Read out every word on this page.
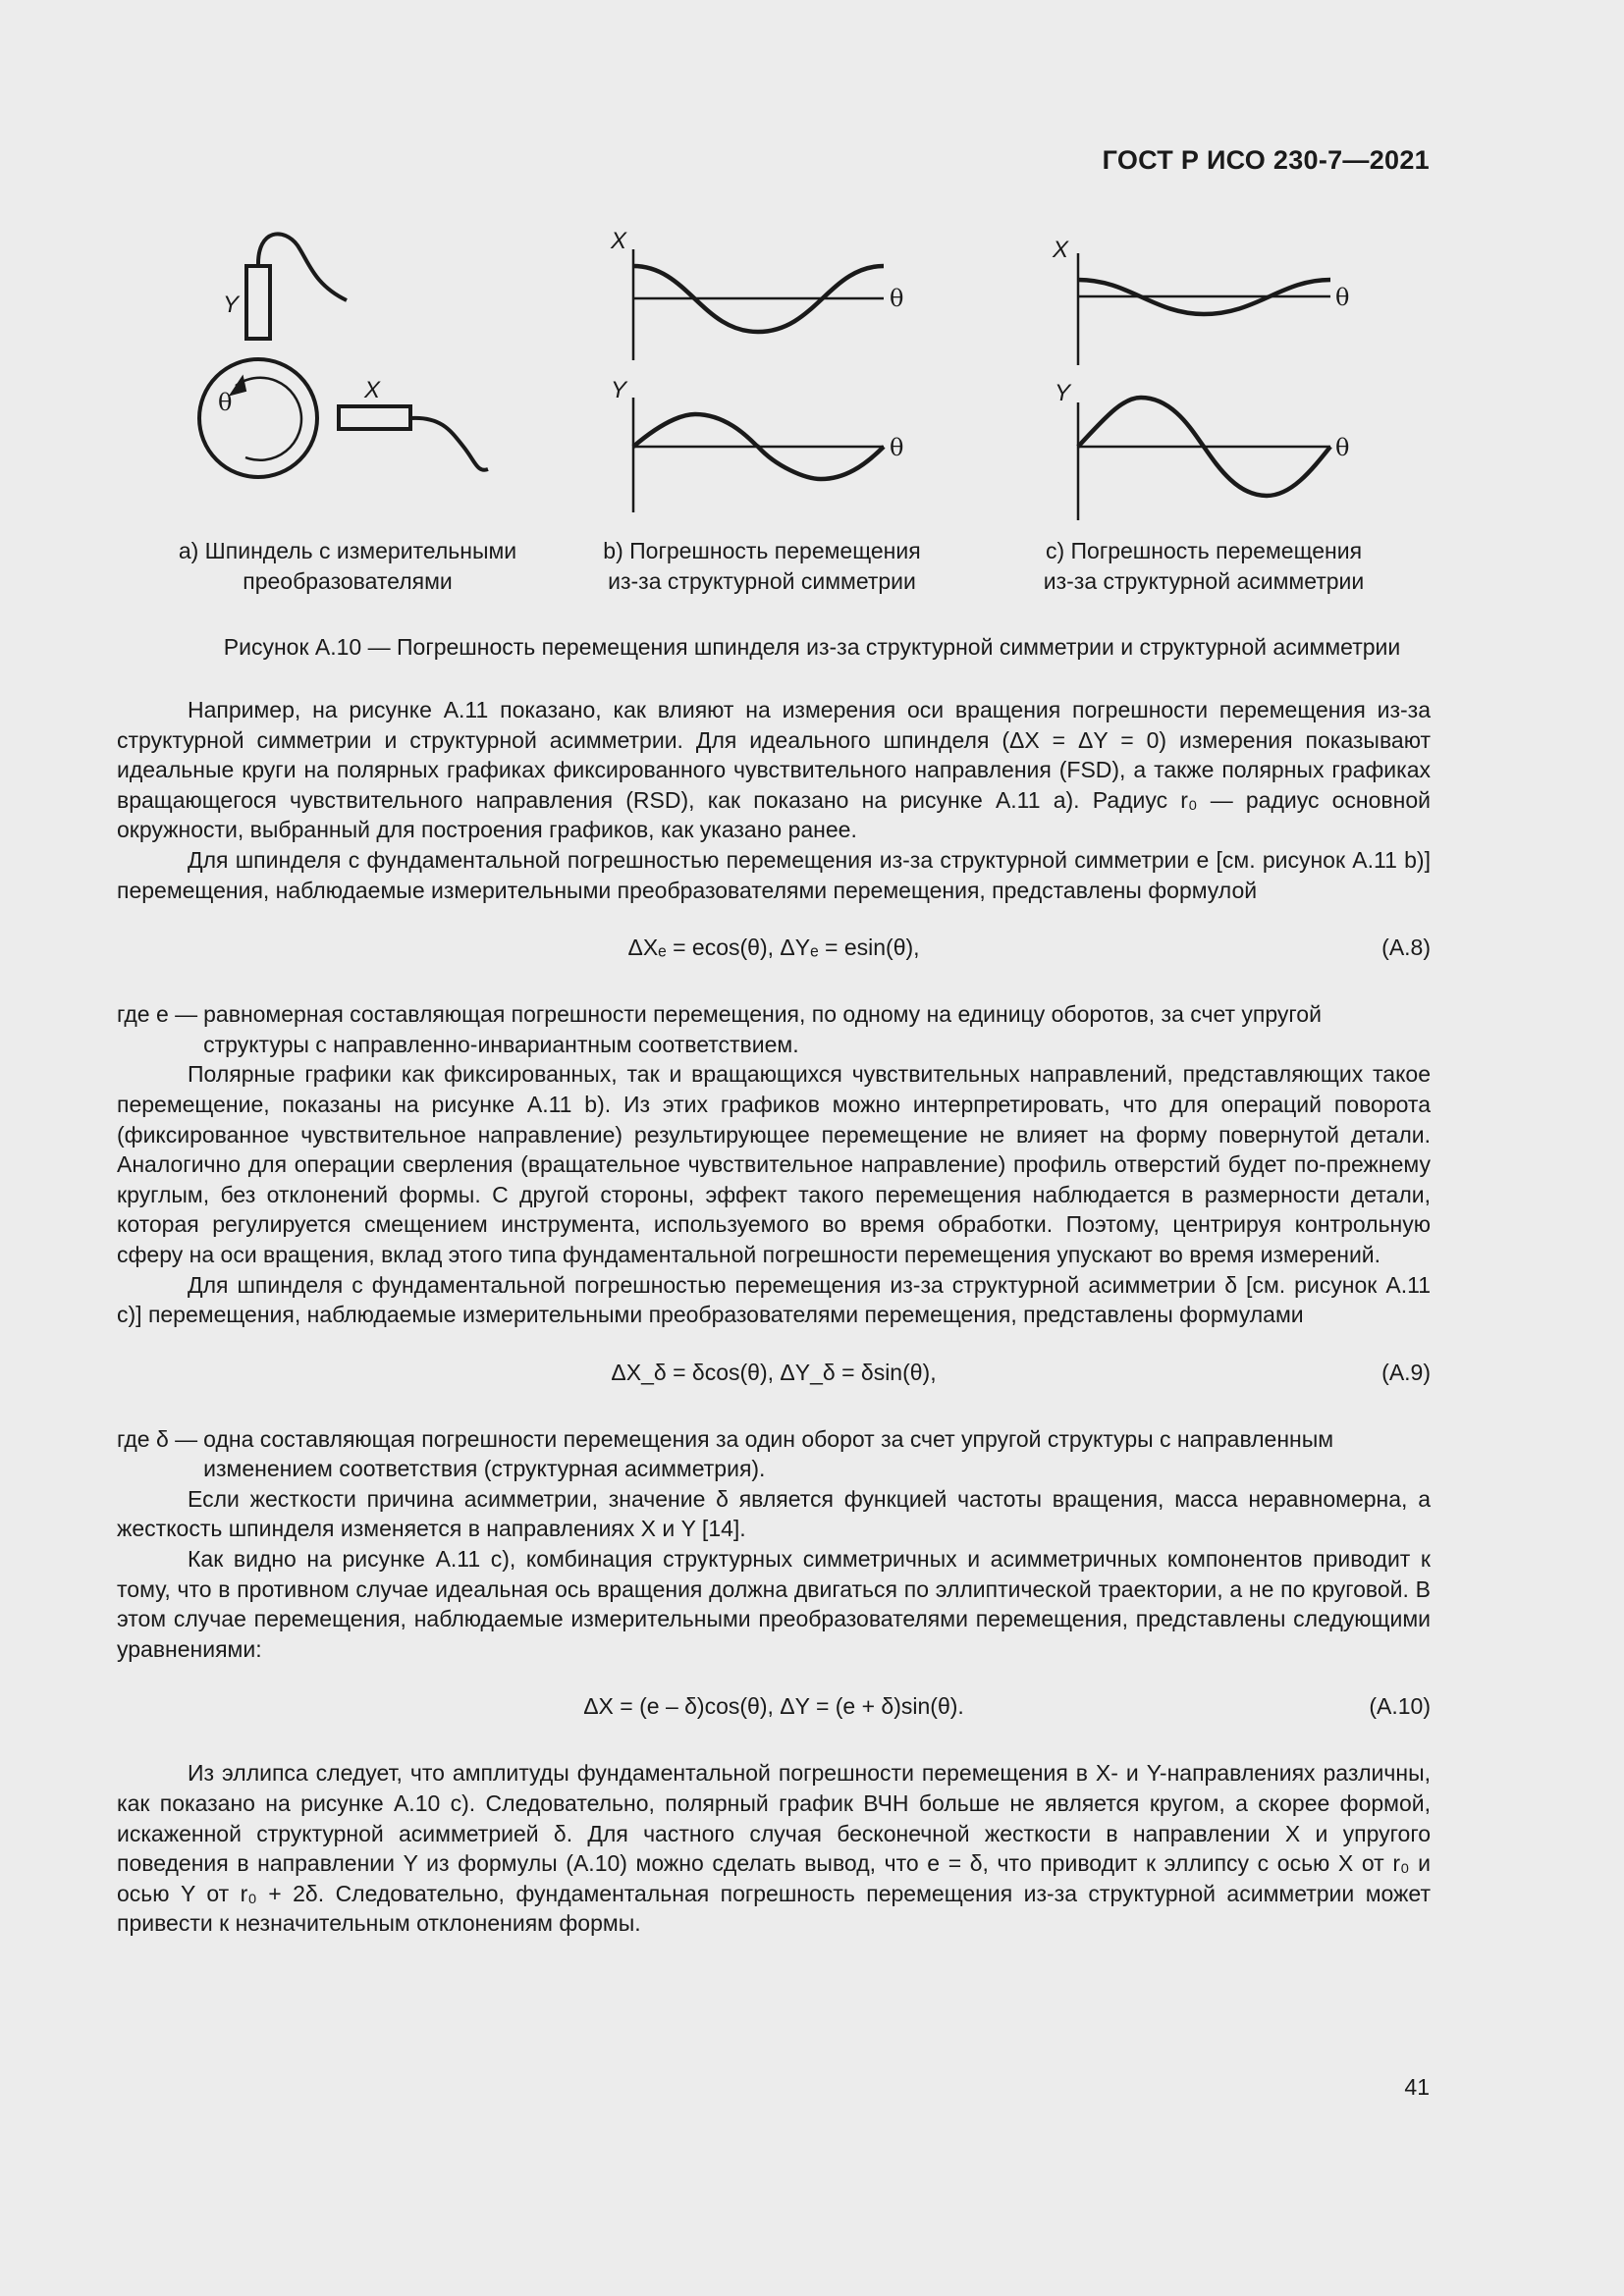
ГОСТ Р ИСО 230-7—2021
Y
X
θ
X
θ
Y
θ
X
θ
Y
θ
a) Шпиндель с измерительными
преобразователями
b) Погрешность перемещения
из-за структурной симметрии
c) Погрешность перемещения
из-за структурной асимметрии
Рисунок А.10 — Погрешность перемещения шпинделя из-за структурной симметрии и структурной асимметрии

Например, на рисунке А.11 показано, как влияют на измерения оси вращения погрешности перемещения из-за структурной симметрии и структурной асимметрии. Для идеального шпинделя (ΔX = ΔY = 0) измерения показывают идеальные круги на полярных графиках фиксированного чувствительного направления (FSD), а также полярных графиках вращающегося чувствительного направления (RSD), как показано на рисунке А.11 a). Радиус r₀ — радиус основной окружности, выбранный для построения графиков, как указано ранее.

Для шпинделя с фундаментальной погрешностью перемещения из-за структурной симметрии e [см. рисунок А.11 b)] перемещения, наблюдаемые измерительными преобразователями перемещения, представлены формулой

ΔXₑ = ecos(θ), ΔYₑ = esin(θ),	(А.8)
где e — равномерная составляющая погрешности перемещения, по одному на единицу оборотов, за счет упругой
структуры с направленно-инвариантным соответствием.

Полярные графики как фиксированных, так и вращающихся чувствительных направлений, представляющих такое перемещение, показаны на рисунке А.11 b). Из этих графиков можно интерпретировать, что для операций поворота (фиксированное чувствительное направление) результирующее перемещение не влияет на форму повернутой детали. Аналогично для операции сверления (вращательное чувствительное направление) профиль отверстий будет по-прежнему круглым, без отклонений формы. С другой стороны, эффект такого перемещения наблюдается в размерности детали, которая регулируется смещением инструмента, используемого во время обработки. Поэтому, центрируя контрольную сферу на оси вращения, вклад этого типа фундаментальной погрешности перемещения упускают во время измерений.

Для шпинделя с фундаментальной погрешностью перемещения из-за структурной асимметрии δ [см. рисунок А.11 c)] перемещения, наблюдаемые измерительными преобразователями перемещения, представлены формулами

ΔX_δ = δcos(θ), ΔY_δ = δsin(θ),	(А.9)
где δ — одна составляющая погрешности перемещения за один оборот за счет упругой структуры с направленным
изменением соответствия (структурная асимметрия).

Если жесткости причина асимметрии, значение δ является функцией частоты вращения, масса неравномерна, а жесткость шпинделя изменяется в направлениях X и Y [14].

Как видно на рисунке А.11 c), комбинация структурных симметричных и асимметричных компонентов приводит к тому, что в противном случае идеальная ось вращения должна двигаться по эллиптической траектории, а не по круговой. В этом случае перемещения, наблюдаемые измерительными преобразователями перемещения, представлены следующими уравнениями:

ΔX = (e – δ)cos(θ), ΔY = (e + δ)sin(θ).	(А.10)

Из эллипса следует, что амплитуды фундаментальной погрешности перемещения в X- и Y-направлениях различны, как показано на рисунке А.10 c). Следовательно, полярный график ВЧН больше не является кругом, а скорее формой, искаженной структурной асимметрией δ. Для частного случая бесконечной жесткости в направлении X и упругого поведения в направлении Y из формулы (А.10) можно сделать вывод, что e = δ, что приводит к эллипсу с осью X от r₀ и осью Y от r₀ + 2δ. Следовательно, фундаментальная погрешность перемещения из-за структурной асимметрии может привести к незначительным отклонениям формы.

41
